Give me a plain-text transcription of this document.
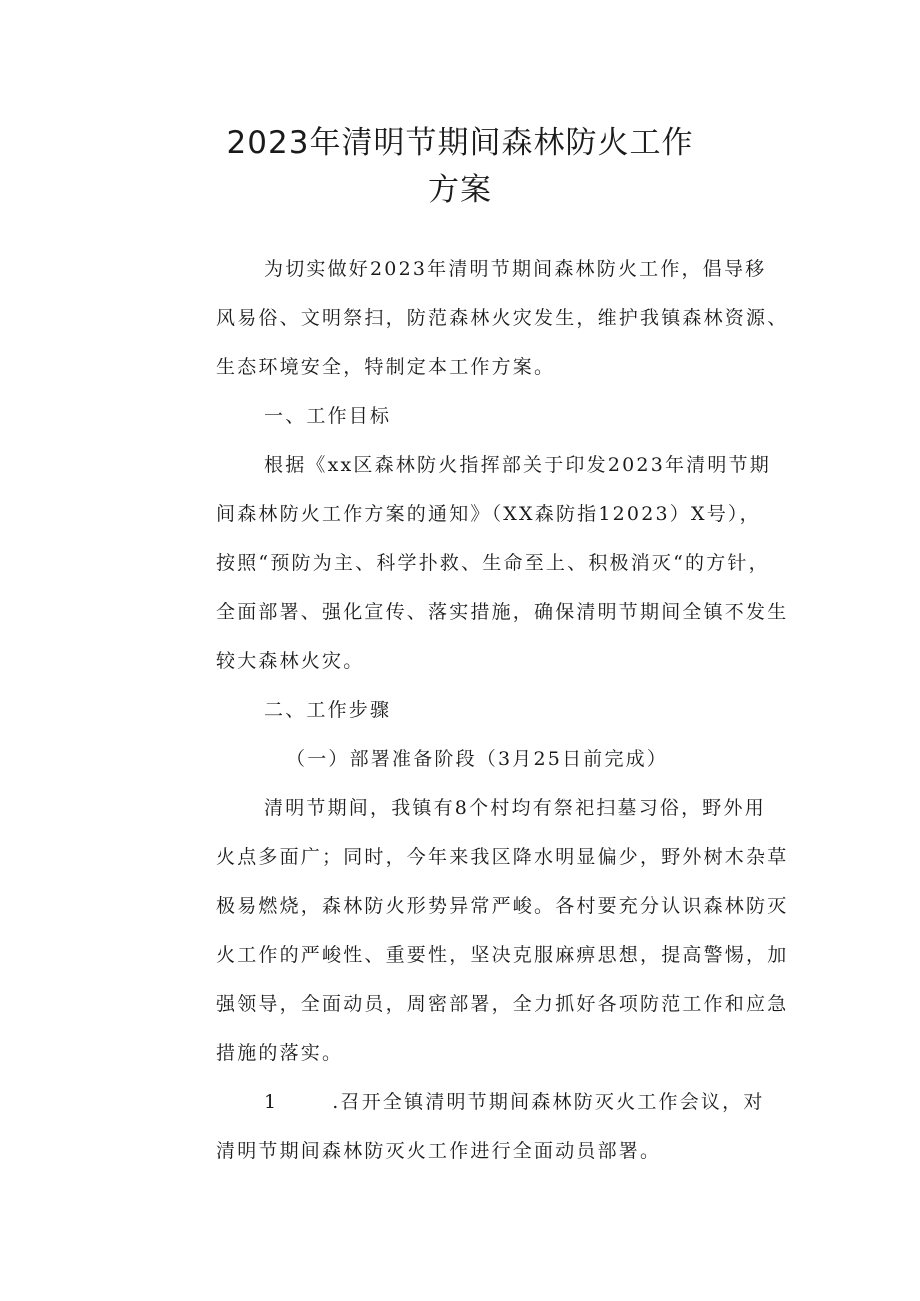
2023年清明节期间森林防火工作
方案
为切实做好2023年清明节期间森林防火工作，倡导移
风易俗、文明祭扫，防范森林火灾发生，维护我镇森林资源、
生态环境安全，特制定本工作方案。
一、工作目标
根据《xx区森林防火指挥部关于印发2023年清明节期
间森林防火工作方案的通知》（XX森防指12023）X号），
按照“预防为主、科学扑救、生命至上、积极消灭“的方针，
全面部署、强化宣传、落实措施，确保清明节期间全镇不发生
较大森林火灾。
二、工作步骤
（一）部署准备阶段（3月25日前完成）
清明节期间，我镇有8个村均有祭祀扫墓习俗，野外用
火点多面广；同时，今年来我区降水明显偏少，野外树木杂草
极易燃烧，森林防火形势异常严峻。各村要充分认识森林防灭
火工作的严峻性、重要性，坚决克服麻痹思想，提高警惕，加
强领导，全面动员，周密部署，全力抓好各项防范工作和应急
措施的落实。
1	.召开全镇清明节期间森林防灭火工作会议，对
清明节期间森林防灭火工作进行全面动员部署。
